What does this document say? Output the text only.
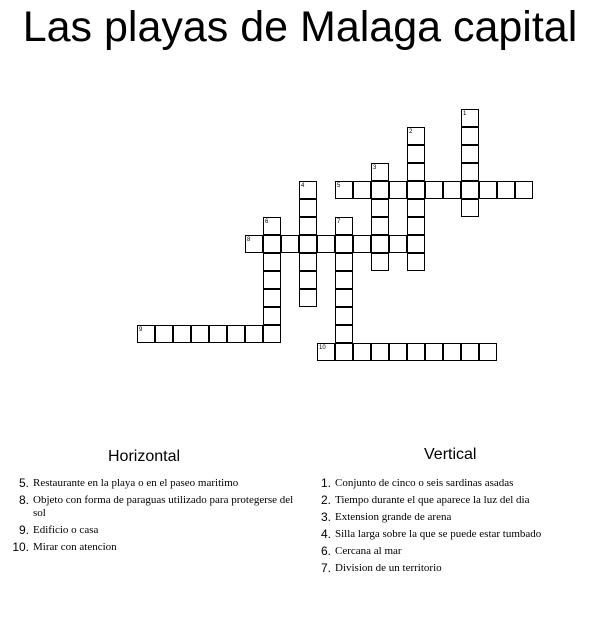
Las playas de Malaga capital
1
2
3
4	5
6	7
8
9
10
Horizontal
5. Restaurante en la playa o en el paseo maritimo
8. Objeto con forma de paraguas utilizado para protegerse del sol
9. Edificio o casa
10. Mirar con atencion
Vertical
1. Conjunto de cinco o seis sardinas asadas
2. Tiempo durante el que aparece la luz del dia
3. Extension grande de arena
4. Silla larga sobre la que se puede estar tumbado
6. Cercana al mar
7. Division de un territorio
